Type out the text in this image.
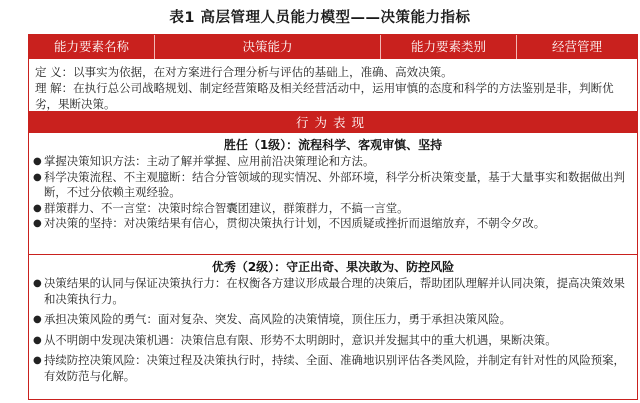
表1 高层管理人员能力模型——决策能力指标
能力要素名称	决策能力	能力要素类别	经营管理
定 义：以事实为依据，在对方案进行合理分析与评估的基础上，准确、高效决策。
理 解：在执行总公司战略规划、制定经营策略及相关经营活动中，运用审慎的态度和科学的方法鉴别是非，判断优劣，果断决策。
行为表现
胜任（1级）：流程科学、客观审慎、坚持
● 掌握决策知识方法：主动了解并掌握、应用前沿决策理论和方法。
● 科学决策流程、不主观臆断：结合分管领域的现实情况、外部环境，科学分析决策变量，基于大量事实和数据做出判断，不过分依赖主观经验。
● 群策群力、不一言堂：决策时综合智囊团建议，群策群力，不搞一言堂。
● 对决策的坚持：对决策结果有信心，贯彻决策执行计划，不因质疑或挫折而退缩放弃，不朝令夕改。
优秀（2级）：守正出奇、果决敢为、防控风险
● 决策结果的认同与保证决策执行力：在权衡各方建议形成最合理的决策后，帮助团队理解并认同决策，提高决策效果和决策执行力。
● 承担决策风险的勇气：面对复杂、突发、高风险的决策情境，顶住压力，勇于承担决策风险。
● 从不明朗中发现决策机遇：决策信息有限、形势不太明朗时，意识并发掘其中的重大机遇，果断决策。
● 持续防控决策风险：决策过程及决策执行时，持续、全面、准确地识别评估各类风险，并制定有针对性的风险预案，有效防范与化解。
